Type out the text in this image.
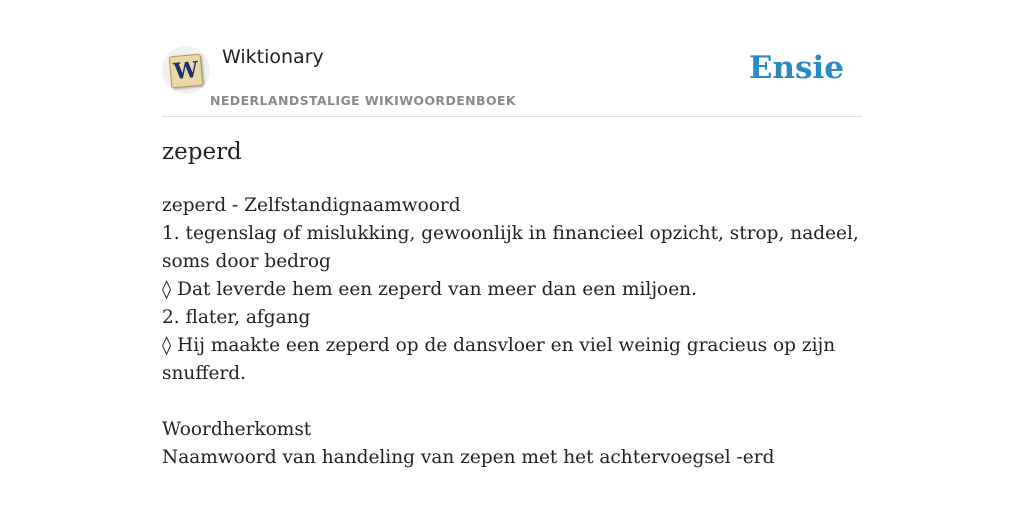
W Wiktionary
NEDERLANDSTALIGE WIKIWOORDENBOEK
Ensie
zeperd

zeperd - Zelfstandignaamwoord

1. tegenslag of mislukking, gewoonlijk in financieel opzicht, strop, nadeel, soms door bedrog

◊ Dat leverde hem een zeperd van meer dan een miljoen.

2. flater, afgang

◊ Hij maakte een zeperd op de dansvloer en viel weinig gracieus op zijn snufferd.

Woordherkomst

Naamwoord van handeling van zepen met het achtervoegsel -erd
